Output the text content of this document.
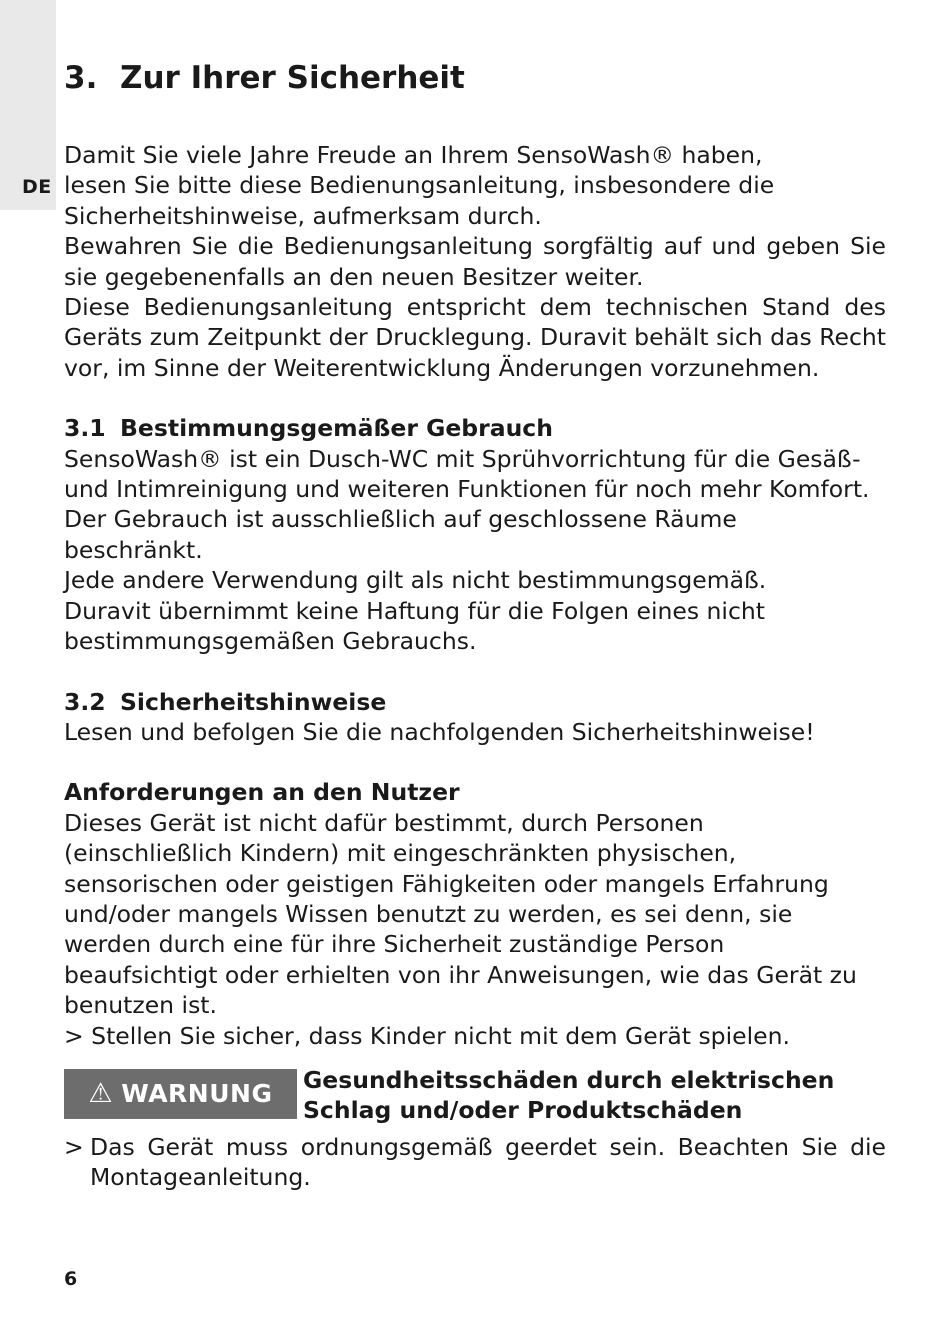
DE
3. Zur Ihrer Sicherheit

Damit Sie viele Jahre Freude an Ihrem SensoWash® haben, lesen Sie bitte diese Bedienungsanleitung, insbesondere die Sicherheitshinweise, aufmerksam durch.

Bewahren Sie die Bedienungsanleitung sorgfältig auf und geben Sie sie gegebenenfalls an den neuen Besitzer weiter.

Diese Bedienungsanleitung entspricht dem technischen Stand des Geräts zum Zeitpunkt der Drucklegung. Duravit behält sich das Recht vor, im Sinne der Weiterentwicklung Änderungen vorzunehmen.

3.1 Bestimmungsgemäßer Gebrauch

SensoWash® ist ein Dusch-WC mit Sprühvorrichtung für die Gesäß- und Intimreinigung und weiteren Funktionen für noch mehr Komfort. Der Gebrauch ist ausschließlich auf geschlossene Räume beschränkt.

Jede andere Verwendung gilt als nicht bestimmungsgemäß. Duravit übernimmt keine Haftung für die Folgen eines nicht bestimmungsgemäßen Gebrauchs.

3.2 Sicherheitshinweise

Lesen und befolgen Sie die nachfolgenden Sicherheitshinweise!

Anforderungen an den Nutzer

Dieses Gerät ist nicht dafür bestimmt, durch Personen (einschließlich Kindern) mit eingeschränkten physischen, sensorischen oder geistigen Fähigkeiten oder mangels Erfahrung und/oder mangels Wissen benutzt zu werden, es sei denn, sie werden durch eine für ihre Sicherheit zuständige Person beaufsichtigt oder erhielten von ihr Anweisungen, wie das Gerät zu benutzen ist.

> Stellen Sie sicher, dass Kinder nicht mit dem Gerät spielen.

⚠ WARNUNG Gesundheitsschäden durch elektrischen Schlag und/oder Produktschäden
> Das Gerät muss ordnungsgemäß geerdet sein. Beachten Sie die Montageanleitung.
6
